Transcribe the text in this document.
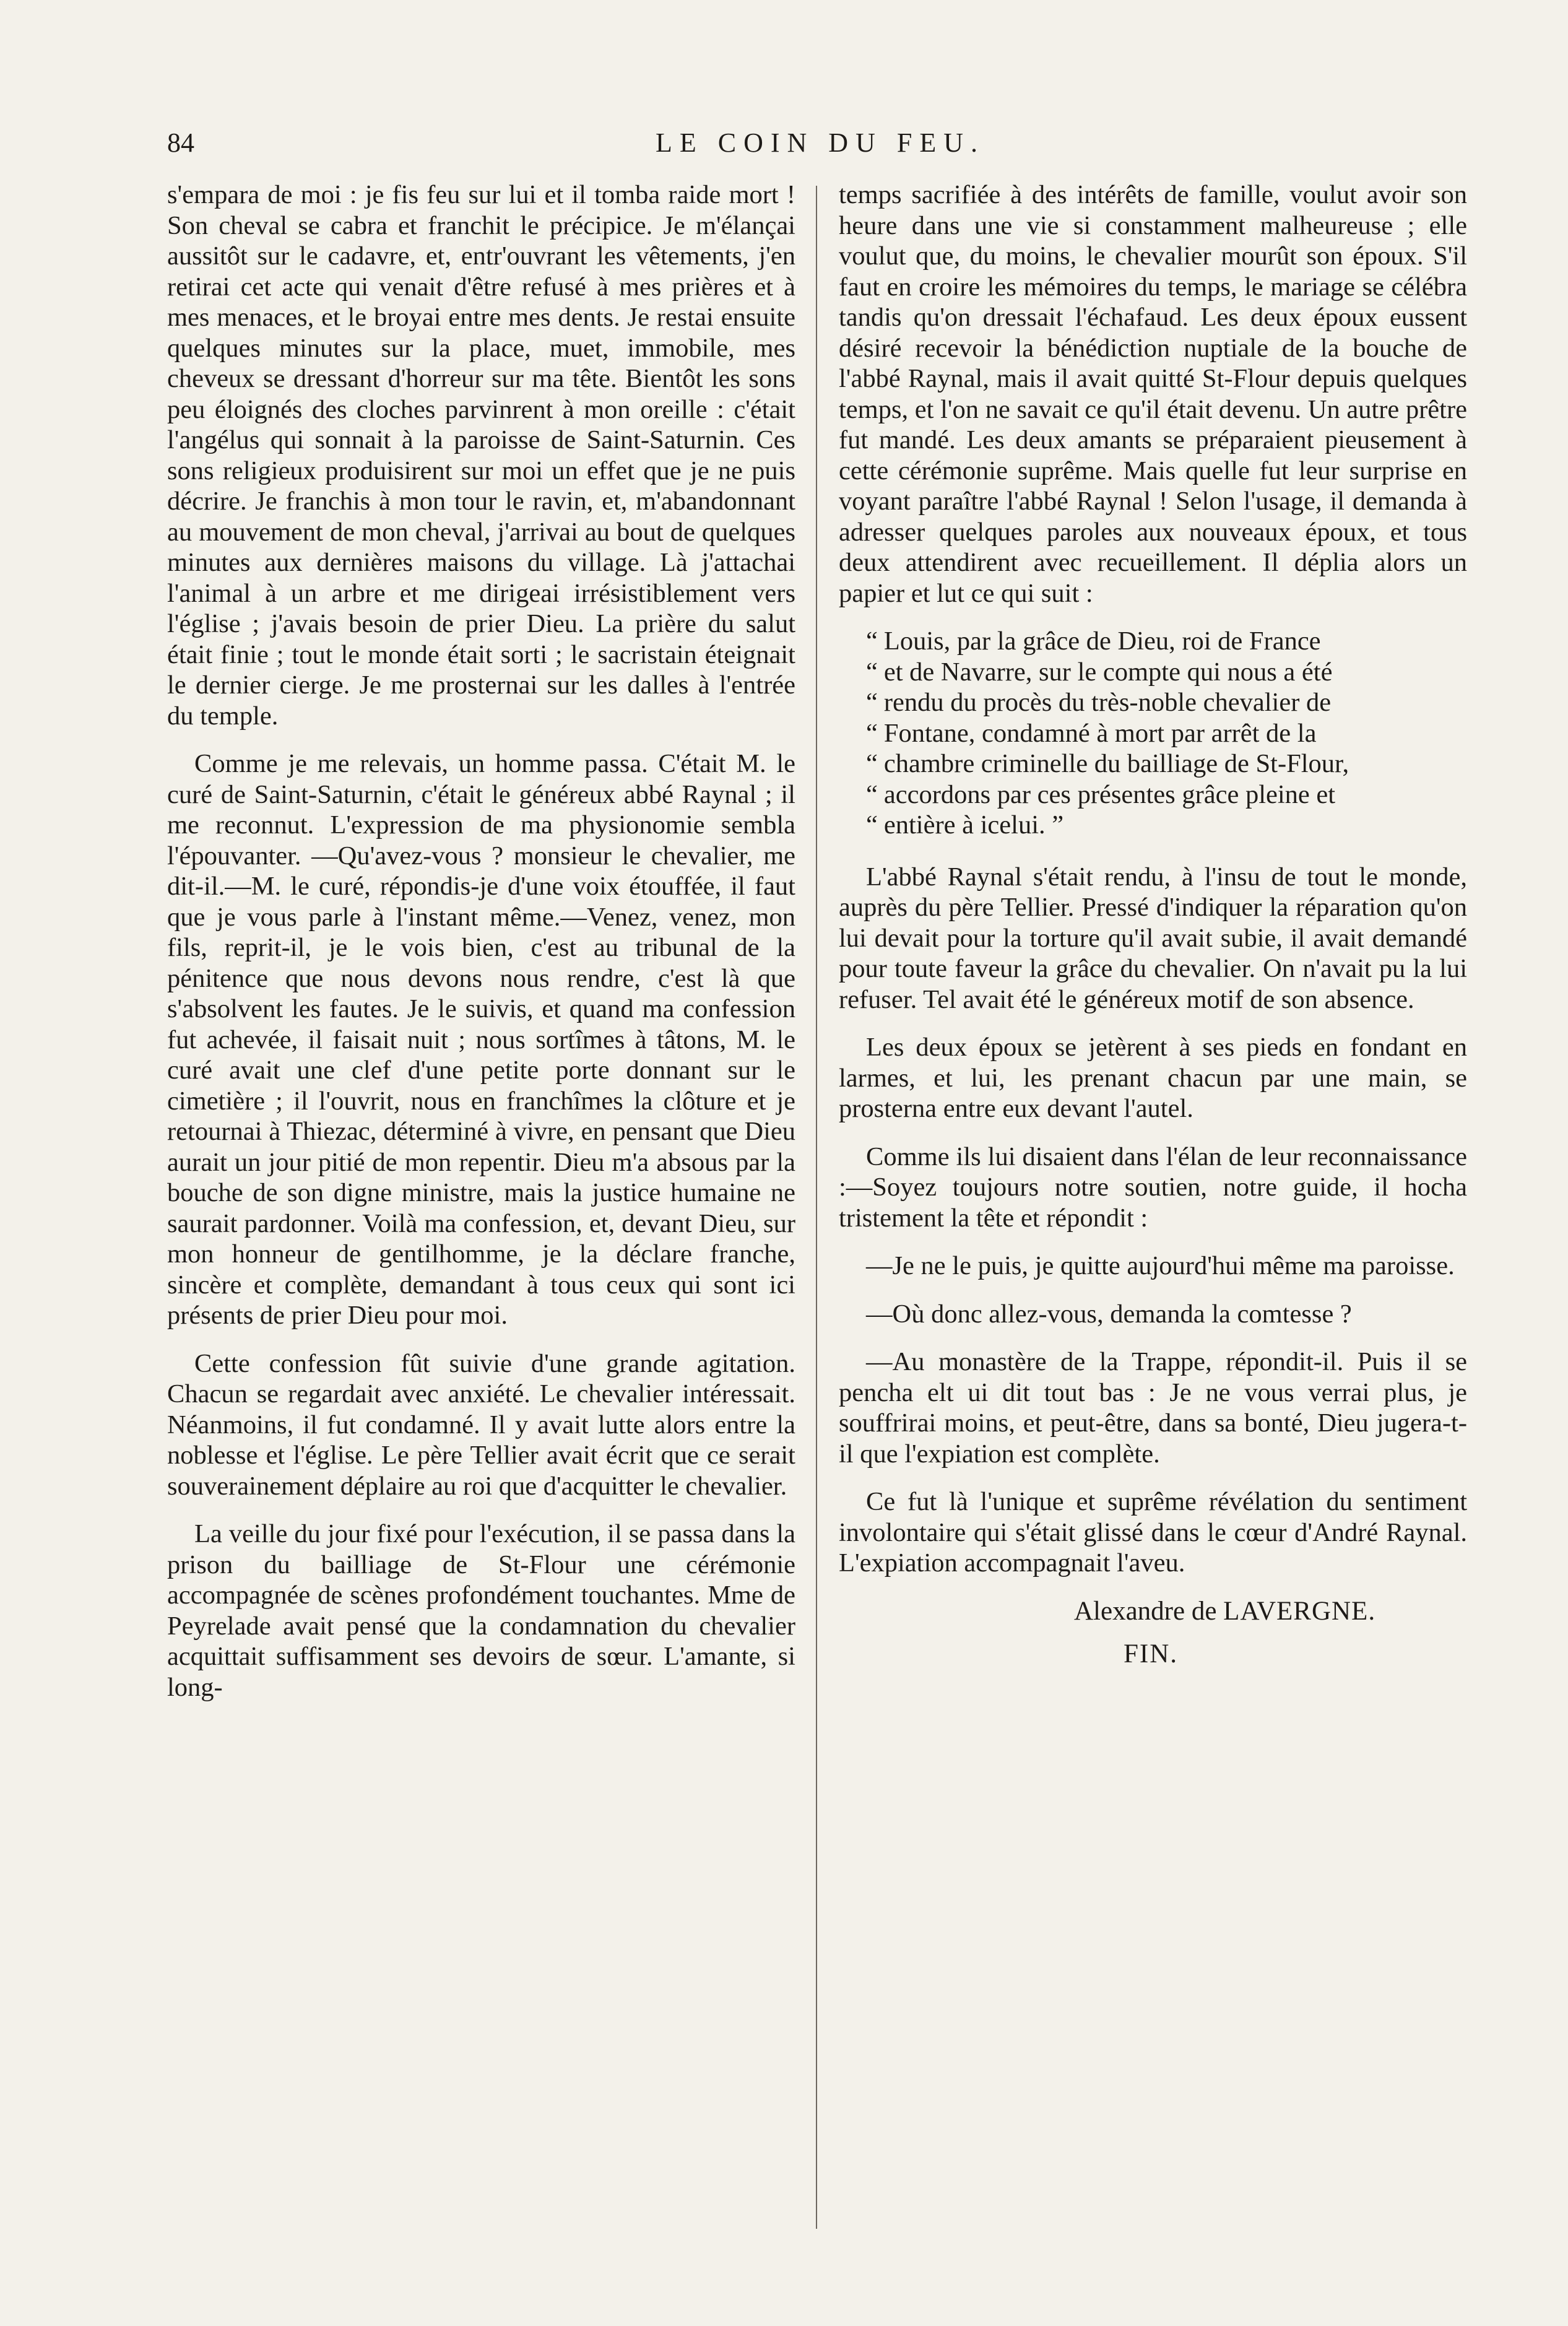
84	LE COIN DU FEU.

s'empara de moi : je fis feu sur lui et il tomba raide mort ! Son cheval se cabra et franchit le précipice. Je m'élançai aussitôt sur le cadavre, et, entr'ouvrant les vêtements, j'en retirai cet acte qui venait d'être refusé à mes prières et à mes menaces, et le broyai entre mes dents. Je restai ensuite quelques minutes sur la place, muet, immobile, mes cheveux se dressant d'horreur sur ma tête. Bientôt les sons peu éloignés des cloches parvinrent à mon oreille : c'était l'angélus qui sonnait à la paroisse de Saint-Saturnin. Ces sons religieux produisirent sur moi un effet que je ne puis décrire. Je franchis à mon tour le ravin, et, m'abandonnant au mouvement de mon cheval, j'arrivai au bout de quelques minutes aux dernières maisons du village. Là j'attachai l'animal à un arbre et me dirigeai irrésistiblement vers l'église ; j'avais besoin de prier Dieu. La prière du salut était finie ; tout le monde était sorti ; le sacristain éteignait le dernier cierge. Je me prosternai sur les dalles à l'entrée du temple.

Comme je me relevais, un homme passa. C'était M. le curé de Saint-Saturnin, c'était le généreux abbé Raynal ; il me reconnut. L'expression de ma physionomie sembla l'épouvanter. —Qu'avez-vous ? monsieur le chevalier, me dit-il.—M. le curé, répondis-je d'une voix étouffée, il faut que je vous parle à l'instant même.—Venez, venez, mon fils, reprit-il, je le vois bien, c'est au tribunal de la pénitence que nous devons nous rendre, c'est là que s'absolvent les fautes. Je le suivis, et quand ma confession fut achevée, il faisait nuit ; nous sortîmes à tâtons, M. le curé avait une clef d'une petite porte donnant sur le cimetière ; il l'ouvrit, nous en franchîmes la clôture et je retournai à Thiezac, déterminé à vivre, en pensant que Dieu aurait un jour pitié de mon repentir. Dieu m'a absous par la bouche de son digne ministre, mais la justice humaine ne saurait pardonner. Voilà ma confession, et, devant Dieu, sur mon honneur de gentilhomme, je la déclare franche, sincère et complète, demandant à tous ceux qui sont ici présents de prier Dieu pour moi.

Cette confession fût suivie d'une grande agitation. Chacun se regardait avec anxiété. Le chevalier intéressait. Néanmoins, il fut condamné. Il y avait lutte alors entre la noblesse et l'église. Le père Tellier avait écrit que ce serait souverainement déplaire au roi que d'acquitter le chevalier.

La veille du jour fixé pour l'exécution, il se passa dans la prison du bailliage de St-Flour une cérémonie accompagnée de scènes profondément touchantes. Mme de Peyrelade avait pensé que la condamnation du chevalier acquittait suffisamment ses devoirs de sœur. L'amante, si long-

temps sacrifiée à des intérêts de famille, voulut avoir son heure dans une vie si constamment malheureuse ; elle voulut que, du moins, le chevalier mourût son époux. S'il faut en croire les mémoires du temps, le mariage se célébra tandis qu'on dressait l'échafaud. Les deux époux eussent désiré recevoir la bénédiction nuptiale de la bouche de l'abbé Raynal, mais il avait quitté St-Flour depuis quelques temps, et l'on ne savait ce qu'il était devenu. Un autre prêtre fut mandé. Les deux amants se préparaient pieusement à cette cérémonie suprême. Mais quelle fut leur surprise en voyant paraître l'abbé Raynal ! Selon l'usage, il demanda à adresser quelques paroles aux nouveaux époux, et tous deux attendirent avec recueillement. Il déplia alors un papier et lut ce qui suit :

“ Louis, par la grâce de Dieu, roi de France
“ et de Navarre, sur le compte qui nous a été
“ rendu du procès du très-noble chevalier de
“ Fontane, condamné à mort par arrêt de la
“ chambre criminelle du bailliage de St-Flour,
“ accordons par ces présentes grâce pleine et
“ entière à icelui. ”

L'abbé Raynal s'était rendu, à l'insu de tout le monde, auprès du père Tellier. Pressé d'indiquer la réparation qu'on lui devait pour la torture qu'il avait subie, il avait demandé pour toute faveur la grâce du chevalier. On n'avait pu la lui refuser. Tel avait été le généreux motif de son absence.

Les deux époux se jetèrent à ses pieds en fondant en larmes, et lui, les prenant chacun par une main, se prosterna entre eux devant l'autel.

Comme ils lui disaient dans l'élan de leur reconnaissance :—Soyez toujours notre soutien, notre guide, il hocha tristement la tête et répondit :

—Je ne le puis, je quitte aujourd'hui même ma paroisse.

—Où donc allez-vous, demanda la comtesse ?

—Au monastère de la Trappe, répondit-il. Puis il se pencha elt ui dit tout bas : Je ne vous verrai plus, je souffrirai moins, et peut-être, dans sa bonté, Dieu jugera-t-il que l'expiation est complète.

Ce fut là l'unique et suprême révélation du sentiment involontaire qui s'était glissé dans le cœur d'André Raynal. L'expiation accompagnait l'aveu.

Alexandre de LAVERGNE.
FIN.
